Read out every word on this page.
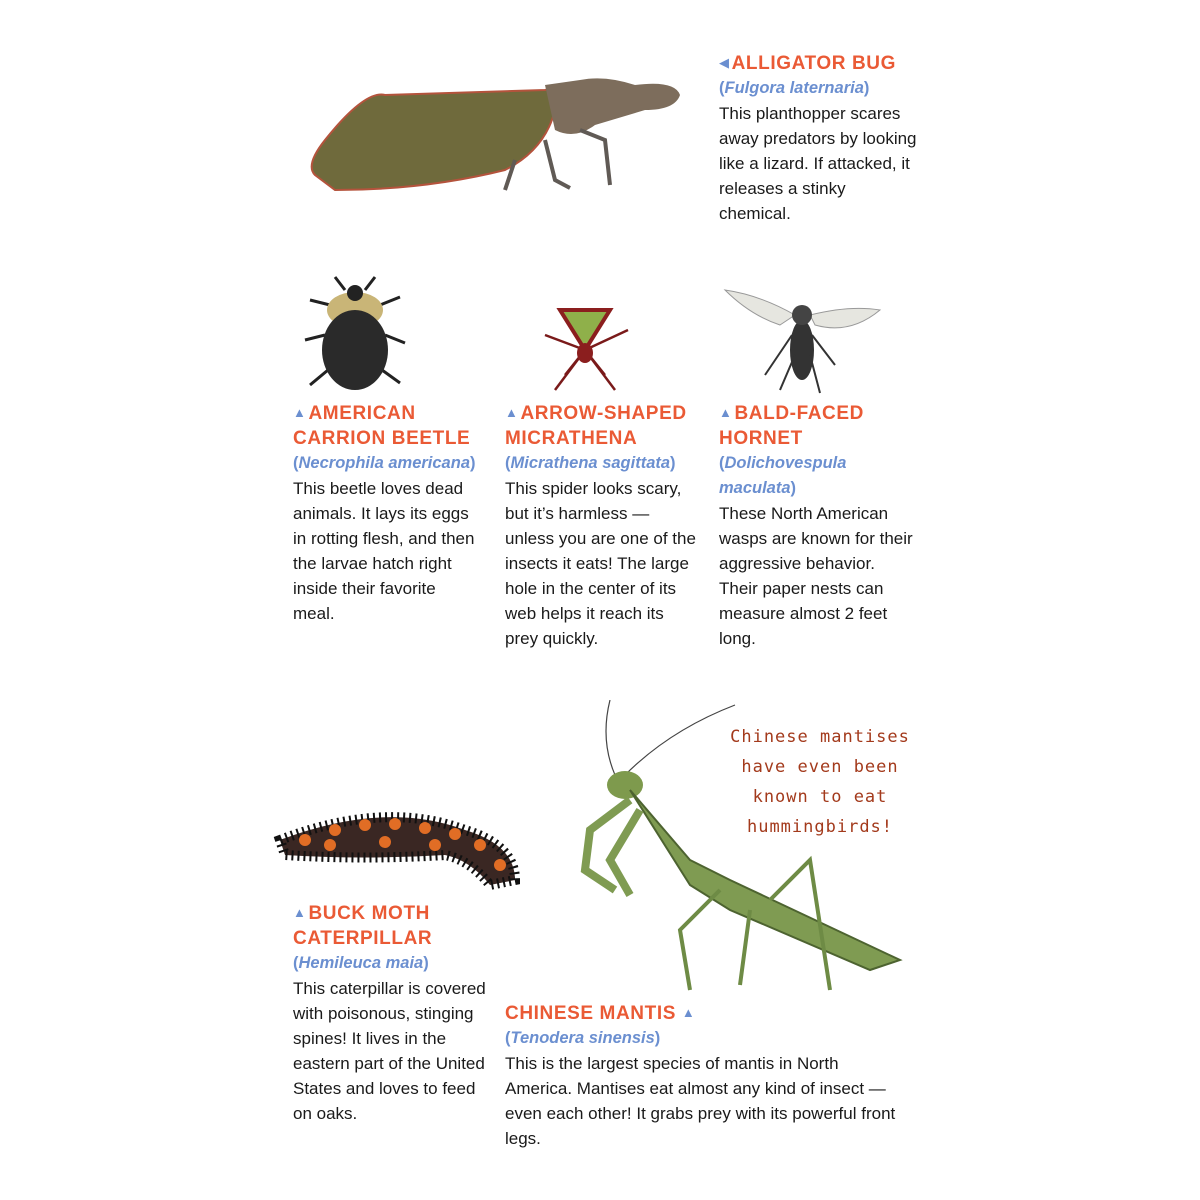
◀ ALLIGATOR BUG
(Fulgora laternaria)
This planthopper scares away predators by looking like a lizard. If attacked, it releases a stinky chemical.
▲ AMERICAN CARRION BEETLE
(Necrophila americana)
This beetle loves dead animals. It lays its eggs in rotting flesh, and then the larvae hatch right inside their favorite meal.
▲ ARROW-SHAPED MICRATHENA
(Micrathena sagittata)
This spider looks scary, but it’s harmless — unless you are one of the insects it eats! The large hole in the center of its web helps it reach its prey quickly.
▲ BALD-FACED HORNET
(Dolichovespula maculata)
These North American wasps are known for their aggressive behavior. Their paper nests can measure almost 2 feet long.
▲ BUCK MOTH CATERPILLAR
(Hemileuca maia)
This caterpillar is covered with poisonous, stinging spines! It lives in the eastern part of the United States and loves to feed on oaks.
CHINESE MANTIS ▲
(Tenodera sinensis)
This is the largest species of mantis in North America. Mantises eat almost any kind of insect — even each other! It grabs prey with its powerful front legs.
Chinese mantises
have even been
known to eat
hummingbirds!
